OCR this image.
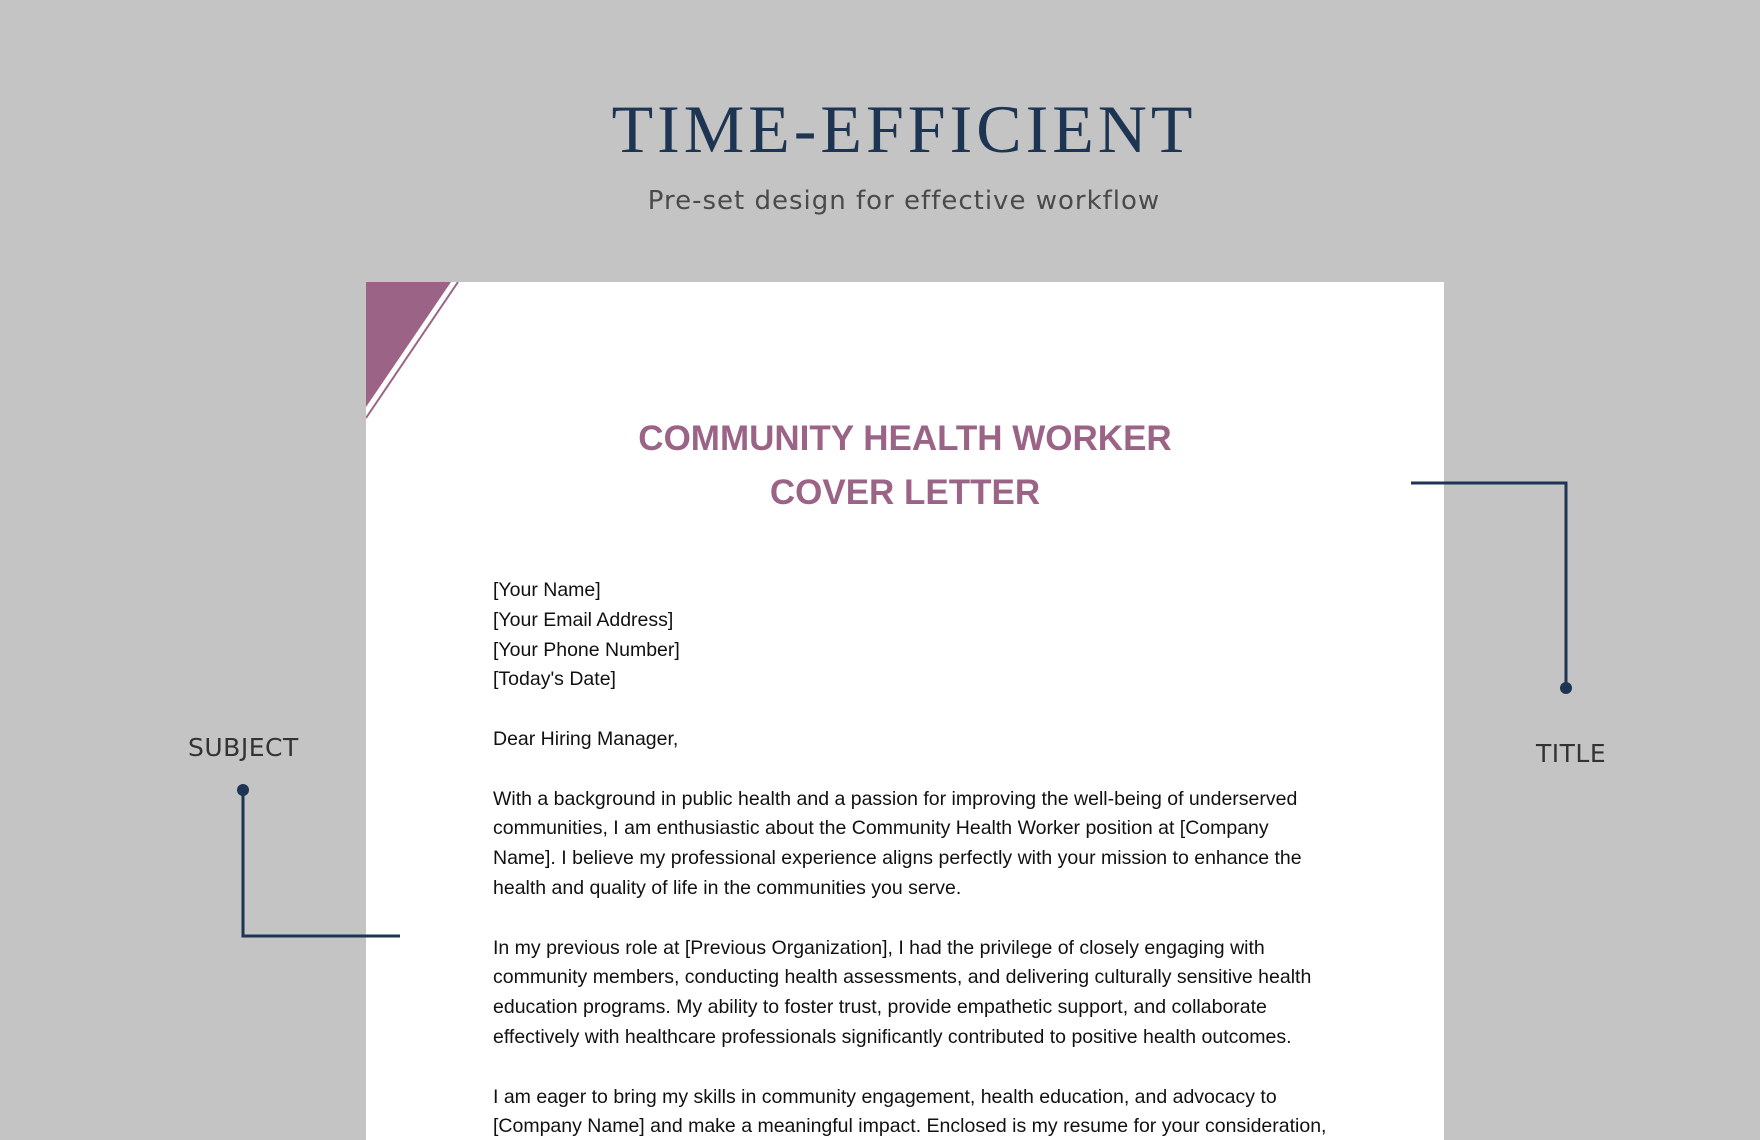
TIME-EFFICIENT
Pre-set design for effective workflow
COMMUNITY HEALTH WORKER
COVER LETTER

[Your Name]
[Your Email Address]
[Your Phone Number]
[Today's Date]

Dear Hiring Manager,

With a background in public health and a passion for improving the well-being of underserved
communities, I am enthusiastic about the Community Health Worker position at [Company
Name]. I believe my professional experience aligns perfectly with your mission to enhance the
health and quality of life in the communities you serve.

In my previous role at [Previous Organization], I had the privilege of closely engaging with
community members, conducting health assessments, and delivering culturally sensitive health
education programs. My ability to foster trust, provide empathetic support, and collaborate
effectively with healthcare professionals significantly contributed to positive health outcomes.

I am eager to bring my skills in community engagement, health education, and advocacy to
[Company Name] and make a meaningful impact. Enclosed is my resume for your consideration,

SUBJECT	TITLE
